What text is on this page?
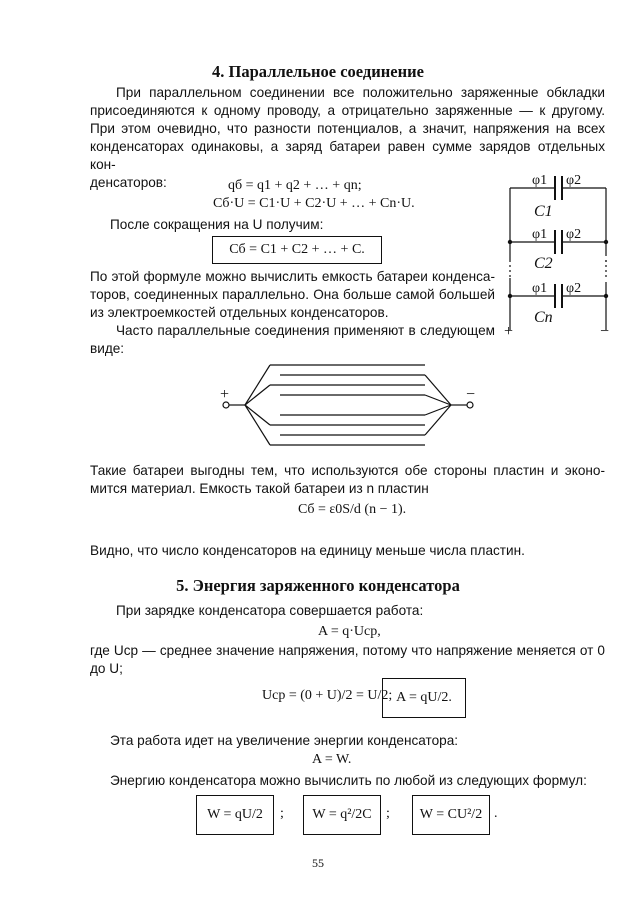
4. Параллельное соединение
При параллельном соединении все положительно заряженные обкладки
присоединяются к одному проводу, а отрицательно заряженные — к другому.
При этом очевидно, что разности потенциалов, а значит, напряжения на всех
конденсаторах одинаковы, а заряд батареи равен сумме зарядов отдельных кон-
денсаторов:	qб = q1 + q2 + … + qn;
Cб·U = C1·U + C2·U + … + Cn·U.
После сокращения на U получим:
Cб = C1 + C2 + … + C.
По этой формуле можно вычислить емкость батареи конденса-
торов, соединенных параллельно. Она больше самой большей
из электроемкостей отдельных конденсаторов.
Часто параллельные соединения применяют в следующем
виде:
φ1 φ2
φ1 φ2
φ1 φ2
C1
C2
Cn
+	−
+	−
Такие батареи выгодны тем, что используются обе стороны пластин и эконо-
мится материал. Емкость такой батареи из n пластин
Cб = ε0S/d (n − 1).
Видно, что число конденсаторов на единицу меньше числа пластин.
5. Энергия заряженного конденсатора
При зарядке конденсатора совершается работа:
A = q·Uср,
где Uср — среднее значение напряжения, потому что напряжение меняется от 0
до U;
Uср = (0 + U)/2 = U/2; A = qU/2.
Эта работа идет на увеличение энергии конденсатора:
A = W.
Энергию конденсатора можно вычислить по любой из следующих формул:
W = qU/2	;	W = q²/2C	;	W = CU²/2 .
55
